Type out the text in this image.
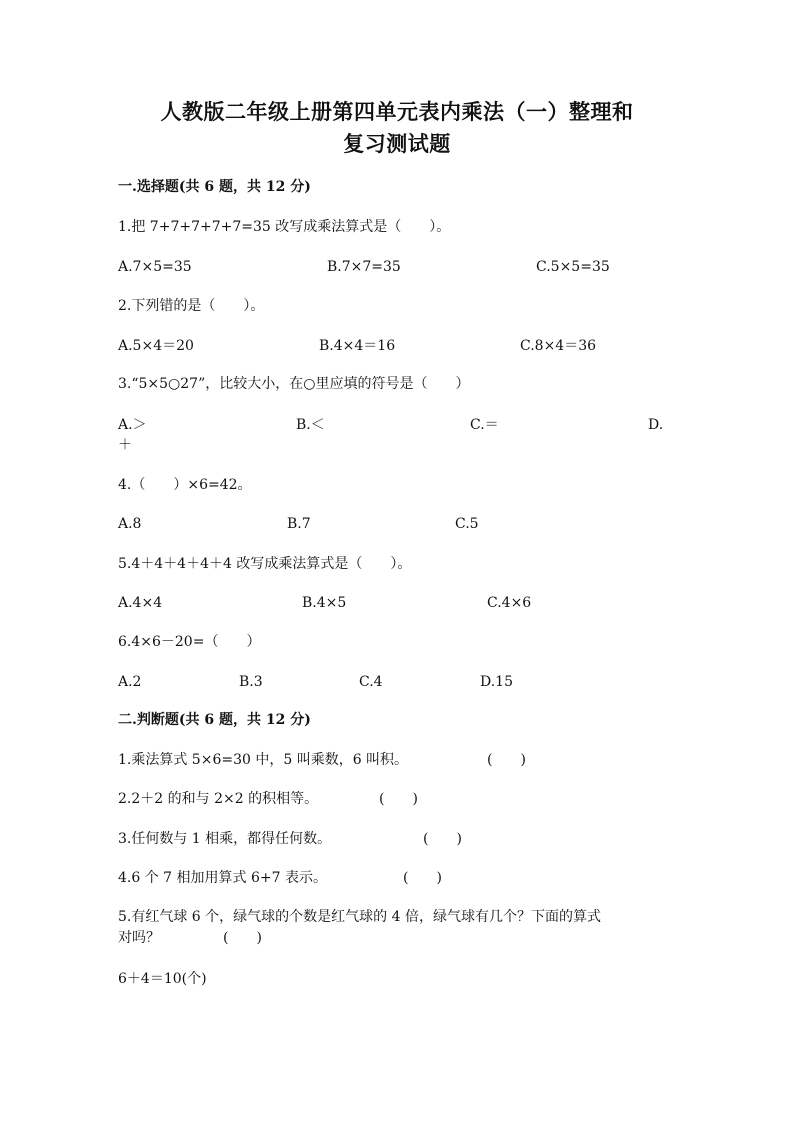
人教版二年级上册第四单元表内乘法（一）整理和
复习测试题
一.选择题(共 6 题，共 12 分)
1.把 7+7+7+7+7=35 改写成乘法算式是（　　）。
A.7×5=35	B.7×7=35	C.5×5=35
2.下列错的是（　　）。
A.5×4＝20	B.4×4＝16	C.8×4＝36
3.“5×5○27”，比较大小，在○里应填的符号是（　　）
A.＞	B.＜	C.＝	D.
＋
4.（　　）×6=42。
A.8	B.7	C.5
5.4＋4＋4＋4＋4 改写成乘法算式是（　　）。
A.4×4	B.4×5	C.4×6
6.4×6－20=（　　）
A.2	B.3	C.4	D.15
二.判断题(共 6 题，共 12 分)
1.乘法算式 5×6=30 中，5 叫乘数，6 叫积。	(　　)
2.2＋2 的和与 2×2 的积相等。	(　　)
3.任何数与 1 相乘，都得任何数。	(　　)
4.6 个 7 相加用算式 6+7 表示。	(　　)
5.有红气球 6 个，绿气球的个数是红气球的 4 倍，绿气球有几个？下面的算式
对吗？	(　　)
6＋4＝10(个)
